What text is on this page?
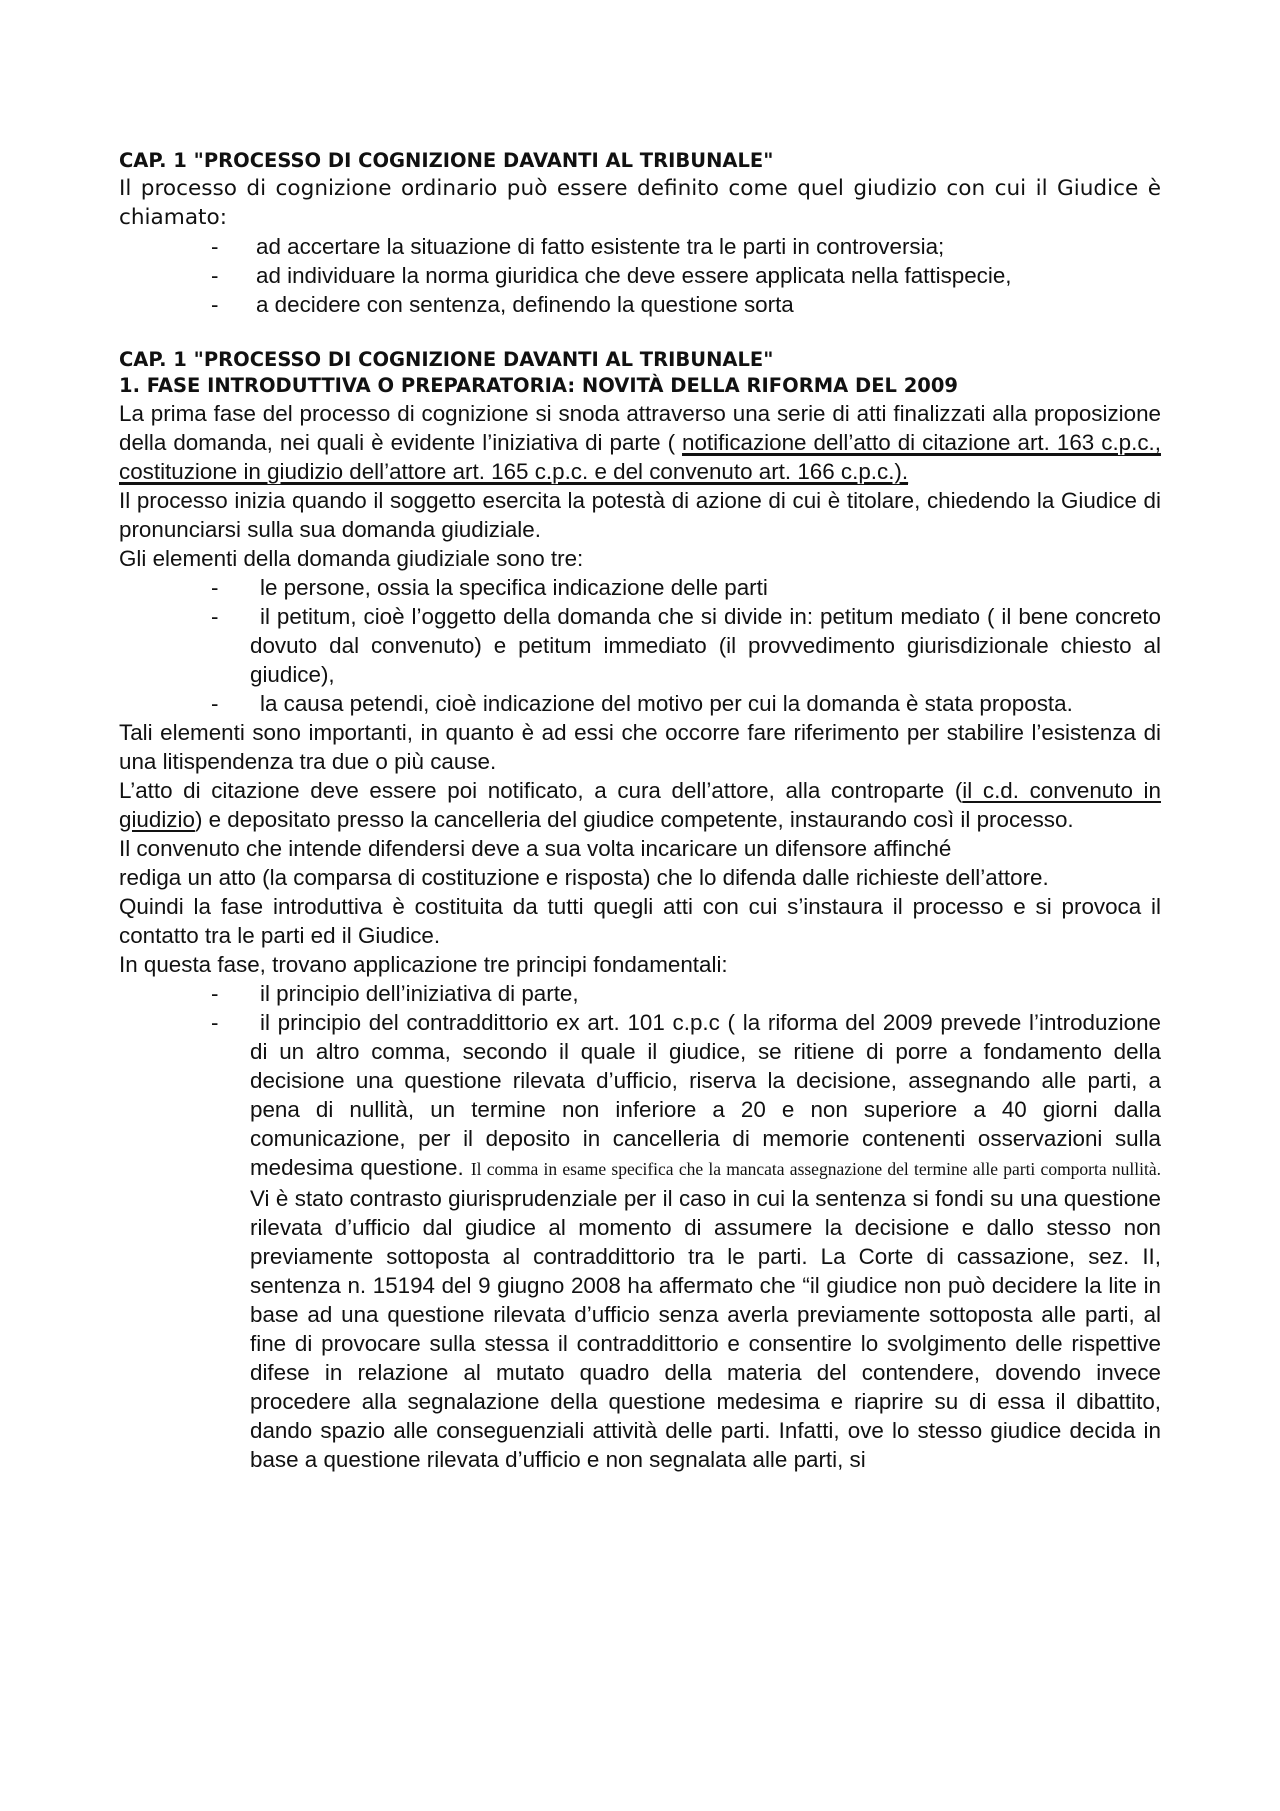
CAP. 1 "PROCESSO DI COGNIZIONE DAVANTI AL TRIBUNALE"

Il processo di cognizione ordinario può essere definito come quel giudizio con cui il Giudice è chiamato:

- ad accertare la situazione di fatto esistente tra le parti in controversia;
- ad individuare la norma giuridica che deve essere applicata nella fattispecie,
- a decidere con sentenza, definendo la questione sorta
CAP. 1 "PROCESSO DI COGNIZIONE DAVANTI AL TRIBUNALE"
1. FASE INTRODUTTIVA O PREPARATORIA: NOVITÀ DELLA RIFORMA DEL 2009

La prima fase del processo di cognizione si snoda attraverso una serie di atti finalizzati alla proposizione della domanda, nei quali è evidente l’iniziativa di parte ( notificazione dell’atto di citazione art. 163 c.p.c., costituzione in giudizio dell’attore art. 165 c.p.c. e del convenuto art. 166 c.p.c.).

Il processo inizia quando il soggetto esercita la potestà di azione di cui è titolare, chiedendo la Giudice di pronunciarsi sulla sua domanda giudiziale.

Gli elementi della domanda giudiziale sono tre:

- le persone, ossia la specifica indicazione delle parti
- il petitum, cioè l’oggetto della domanda che si divide in: petitum mediato ( il bene concreto dovuto dal convenuto) e petitum immediato (il provvedimento giurisdizionale chiesto al giudice),
- la causa petendi, cioè indicazione del motivo per cui la domanda è stata proposta.

Tali elementi sono importanti, in quanto è ad essi che occorre fare riferimento per stabilire l’esistenza di una litispendenza tra due o più cause.

L’atto di citazione deve essere poi notificato, a cura dell’attore, alla controparte (il c.d. convenuto in giudizio) e depositato presso la cancelleria del giudice competente, instaurando così il processo.

Il convenuto che intende difendersi deve a sua volta incaricare un difensore affinché

rediga un atto (la comparsa di costituzione e risposta) che lo difenda dalle richieste dell’attore.

Quindi la fase introduttiva è costituita da tutti quegli atti con cui s’instaura il processo e si provoca il contatto tra le parti ed il Giudice.

In questa fase, trovano applicazione tre principi fondamentali:

- il principio dell’iniziativa di parte,
- il principio del contraddittorio ex art. 101 c.p.c ( la riforma del 2009 prevede l’introduzione di un altro comma, secondo il quale il giudice, se ritiene di porre a fondamento della decisione una questione rilevata d’ufficio, riserva la decisione, assegnando alle parti, a pena di nullità, un termine non inferiore a 20 e non superiore a 40 giorni dalla comunicazione, per il deposito in cancelleria di memorie contenenti osservazioni sulla medesima questione. Il comma in esame specifica che la mancata assegnazione del termine alle parti comporta nullità. Vi è stato contrasto giurisprudenziale per il caso in cui la sentenza si fondi su una questione rilevata d’ufficio dal giudice al momento di assumere la decisione e dallo stesso non previamente sottoposta al contraddittorio tra le parti. La Corte di cassazione, sez. II, sentenza n. 15194 del 9 giugno 2008 ha affermato che “il giudice non può decidere la lite in base ad una questione rilevata d’ufficio senza averla previamente sottoposta alle parti, al fine di provocare sulla stessa il contraddittorio e consentire lo svolgimento delle rispettive difese in relazione al mutato quadro della materia del contendere, dovendo invece procedere alla segnalazione della questione medesima e riaprire su di essa il dibattito, dando spazio alle conseguenziali attività delle parti. Infatti, ove lo stesso giudice decida in base a questione rilevata d’ufficio e non segnalata alle parti, si
